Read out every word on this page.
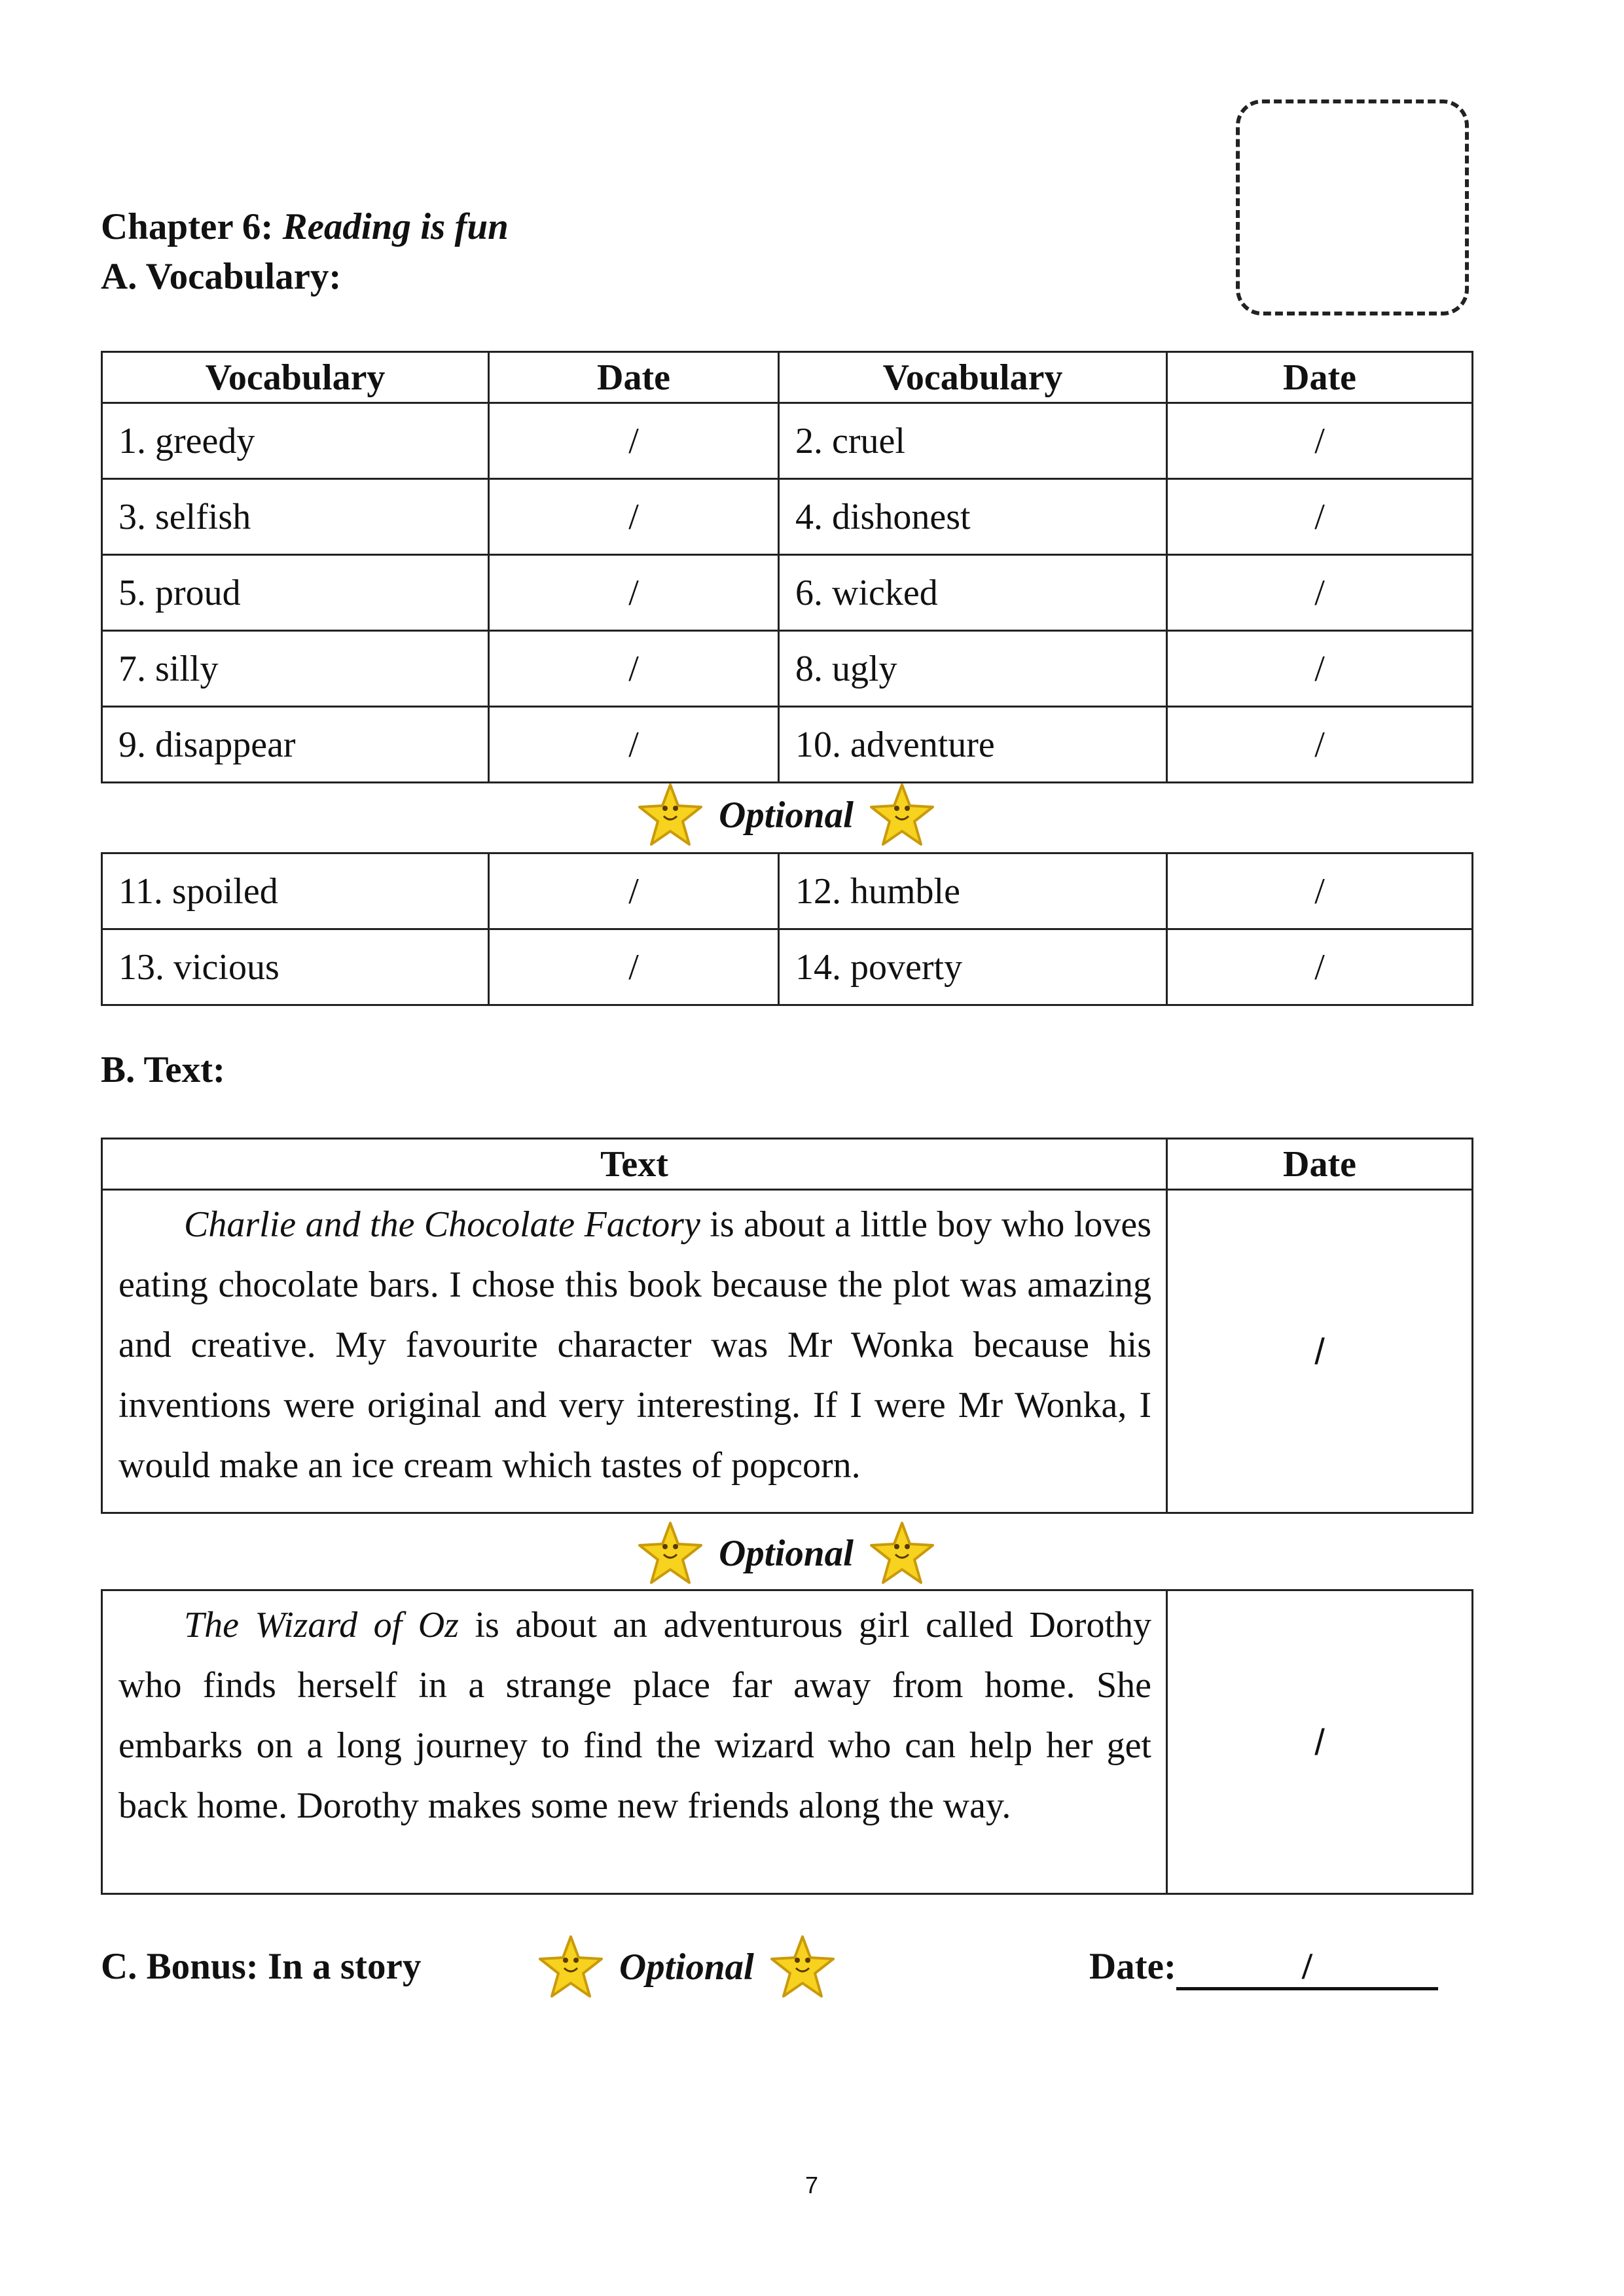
Chapter 6: Reading is fun
A. Vocabulary:
Vocabulary	Date	Vocabulary	Date
1. greedy	/	2. cruel	/
3. selfish	/	4. dishonest	/
5. proud	/	6. wicked	/
7. silly	/	8. ugly	/
9. disappear	/	10. adventure	/
Optional
11. spoiled	/	12. humble	/
13. vicious	/	14. poverty	/
B. Text:
Text	Date
Charlie and the Chocolate Factory is about a little boy who loves eating chocolate bars. I chose this book because the plot was amazing and creative. My favourite character was Mr Wonka because his inventions were original and very interesting. If I were Mr Wonka, I would make an ice cream which tastes of popcorn.	/
Optional
The Wizard of Oz is about an adventurous girl called Dorothy who finds herself in a strange place far away from home. She embarks on a long journey to find the wizard who can help her get back home. Dorothy makes some new friends along the way.	/
C. Bonus: In a story	Optional	Date:	/
7
